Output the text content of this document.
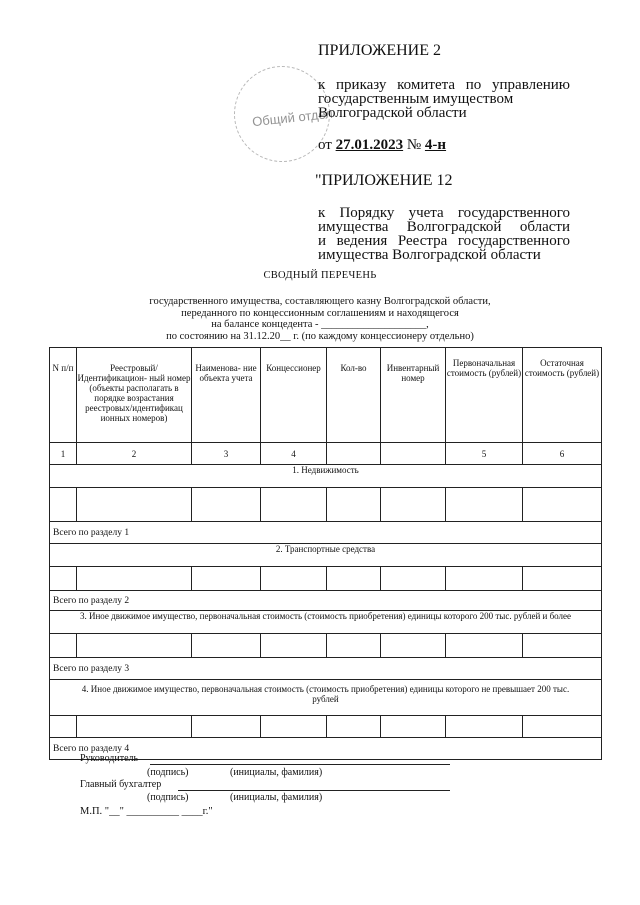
ПРИЛОЖЕНИЕ 2
Общий отдел
к приказу комитета по управлению
государственным имуществом
Волгоградской области
от 27.01.2023 № 4-н
"ПРИЛОЖЕНИЕ 12
к Порядку учета государственного
имущества Волгоградской области
и ведения Реестра государственного
имущества Волгоградской области
СВОДНЫЙ ПЕРЕЧЕНЬ
государственного имущества, составляющего казну Волгоградской области,
переданного по концессионным соглашениям и находящегося
на балансе концедента - ____________________,
по состоянию на 31.12.20__ г. (по каждому концессионеру отдельно)
N п/п	Реестровый/ Идентификацион- ный номер (объекты располагать в порядке возрастания реестровых/идентификац ионных номеров)	Наименова- ние объекта учета	Концессионер	Кол-во	Инвентарный номер	Первоначальная стоимость (рублей)	Остаточная стоимость (рублей)
1	2	3	4			5	6
1. Недвижимость							

Всего по разделу 1							
2. Транспортные средства							

Всего по разделу 2							
3. Иное движимое имущество, первоначальная стоимость (стоимость приобретения) единицы которого 200 тыс. рублей и более							

Всего по разделу 3							
4. Иное движимое имущество, первоначальная стоимость (стоимость приобретения) единицы которого не превышает 200 тыс. рублей							

Всего по разделу 4							
Руководитель
(подпись)	(инициалы, фамилия)
Главный бухгалтер
(подпись)	(инициалы, фамилия)
М.П. "__" __________ ____г."
